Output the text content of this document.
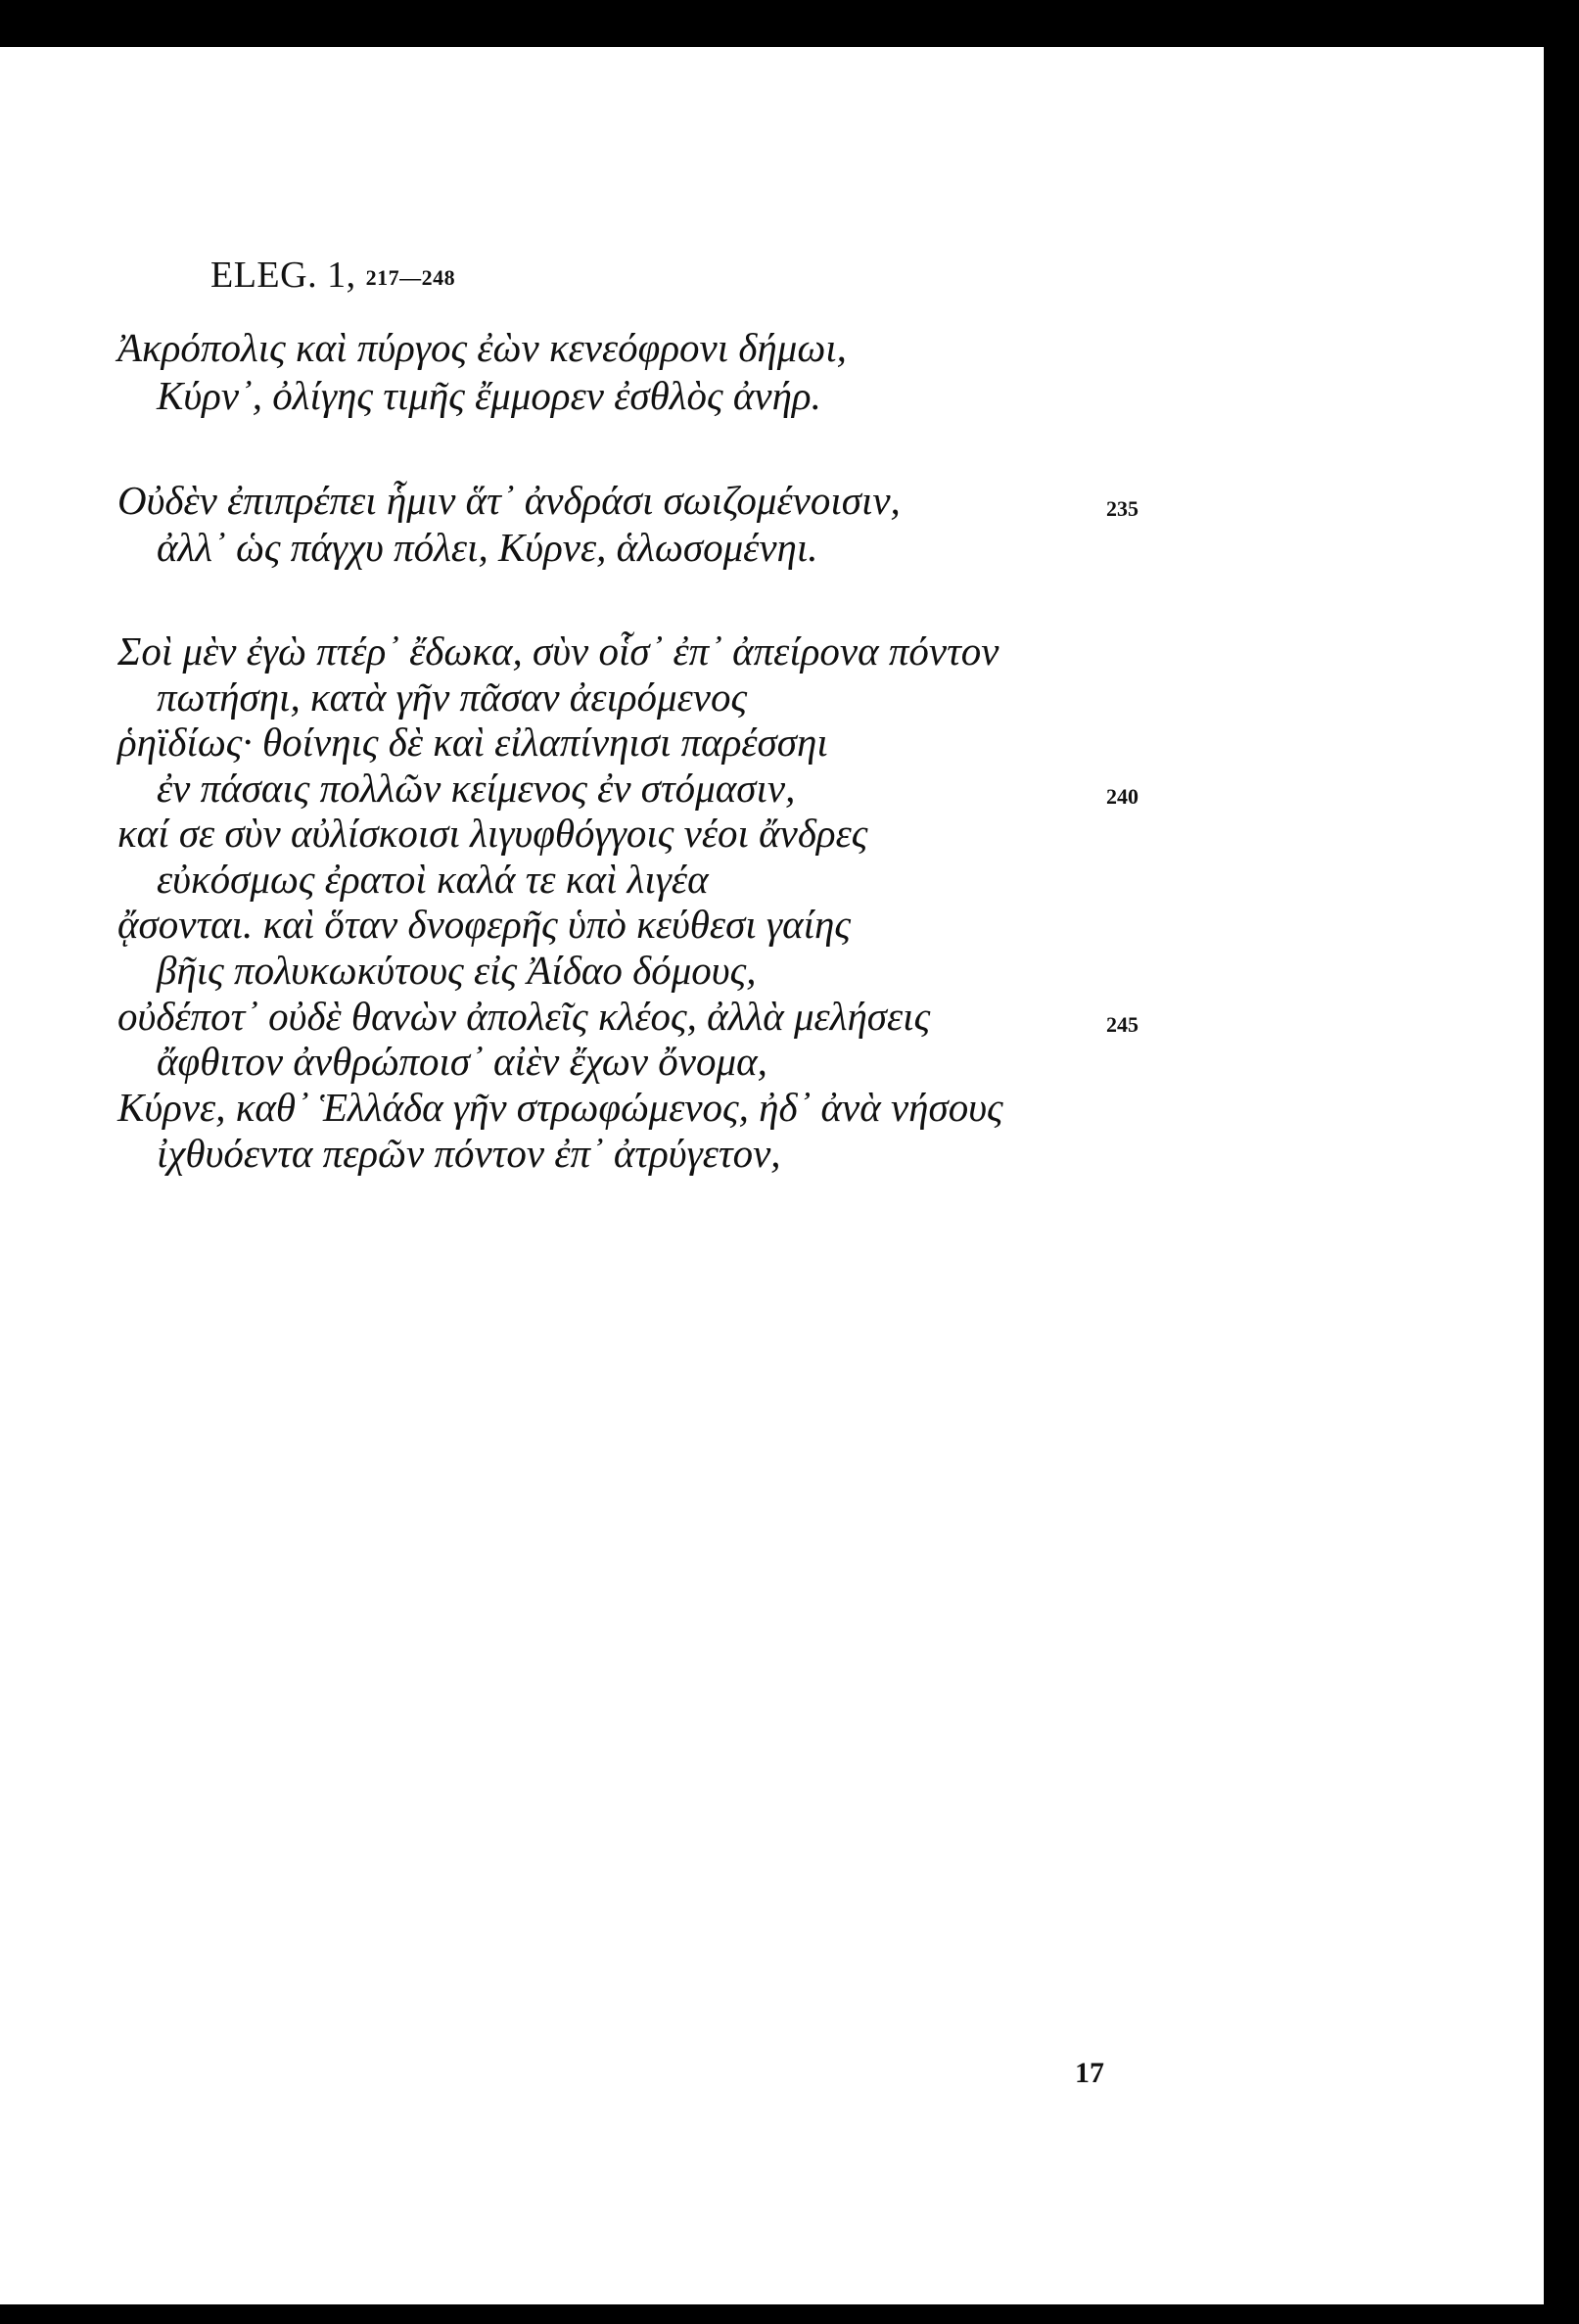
ELEG. 1, 217—248
Ἀκρόπολις καὶ πύργος ἐὼν κενεόφρονι δήμωι,
Κύρν᾽, ὀλίγης τιμῆς ἔμμορεν ἐσθλὸς ἀνήρ.
Οὐδὲν ἐπιπρέπει ἧμιν ἅτ᾽ ἀνδράσι σωιζομένοισιν,	235
ἀλλ᾽ ὡς πάγχυ πόλει, Κύρνε, ἁλωσομένηι.
Σοὶ μὲν ἐγὼ πτέρ᾽ ἔδωκα, σὺν οἷσ᾽ ἐπ᾽ ἀπείρονα πόντον
πωτήσηι, κατὰ γῆν πᾶσαν ἀειρόμενος
ῥηϊδίως· θοίνηις δὲ καὶ εἰλαπίνηισι παρέσσηι
ἐν πάσαις πολλῶν κείμενος ἐν στόμασιν,	240
καί σε σὺν αὐλίσκοισι λιγυφθόγγοις νέοι ἄνδρες
εὐκόσμως ἐρατοὶ καλά τε καὶ λιγέα
ᾄσονται. καὶ ὅταν δνοφερῆς ὑπὸ κεύθεσι γαίης
βῆις πολυκωκύτους εἰς Ἀίδαο δόμους,
οὐδέποτ᾽ οὐδὲ θανὼν ἀπολεῖς κλέος, ἀλλὰ μελήσεις	245
ἄφθιτον ἀνθρώποισ᾽ αἰὲν ἔχων ὄνομα,
Κύρνε, καθ᾽ Ἑλλάδα γῆν στρωφώμενος, ἠδ᾽ ἀνὰ νήσους
ἰχθυόεντα περῶν πόντον ἐπ᾽ ἀτρύγετον,

17
